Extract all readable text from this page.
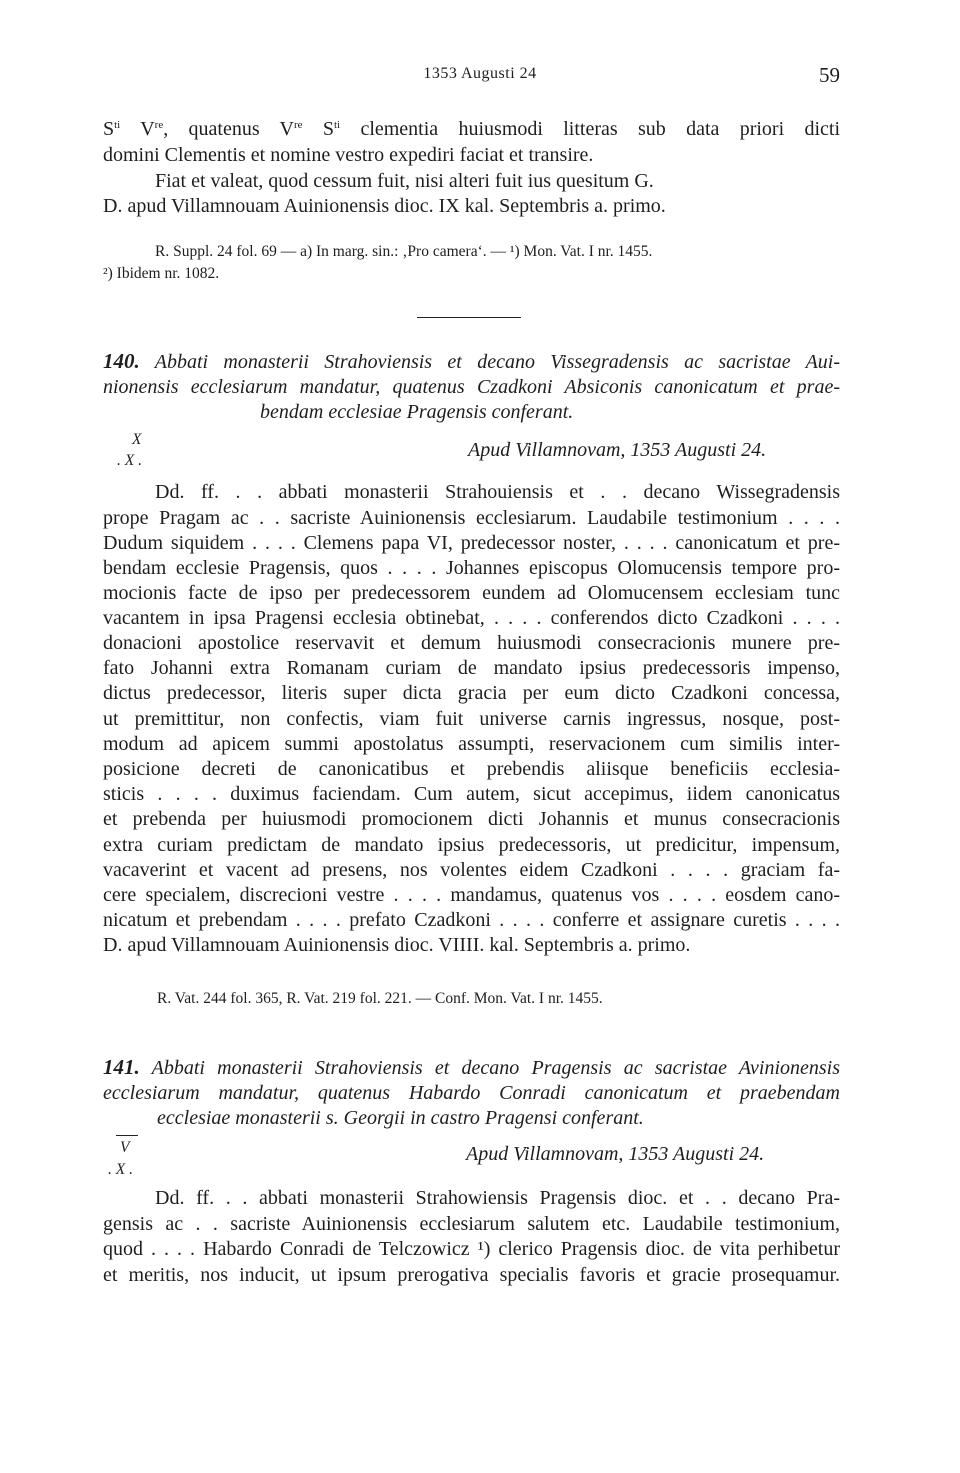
1353 Augusti 24	59
$S^{ti}$ Vre, quatenus Vre $S^{ti}$ clementia huiusmodi litteras sub data priori dicti
domini Clementis et nomine vestro expediri faciat et transire.
Fiat et valeat, quod cessum fuit, nisi alteri fuit ius quesitum G.
D. apud Villamnouam Auinionensis dioc. IX kal. Septembris a. primo.
R. Suppl. 24 fol. 69 — a) In marg. sin.: ‚Pro camera‘. — ¹) Mon. Vat. I nr. 1455.
²) Ibidem nr. 1082.
140. Abbati monasterii Strahoviensis et decano Vissegradensis ac sacristae Aui-
nionensis ecclesiarum mandatur, quatenus Czadkoni Absiconis canonicatum et prae-
bendam ecclesiae Pragensis conferant.
X
. X .	Apud Villamnovam, 1353 Augusti 24.
Dd. ff. . . abbati monasterii Strahouiensis et . . decano Wissegradensis
prope Pragam ac . . sacriste Auinionensis ecclesiarum. Laudabile testimonium . . . .
Dudum siquidem . . . . Clemens papa VI, predecessor noster, . . . . canonicatum et pre-
bendam ecclesie Pragensis, quos . . . . Johannes episcopus Olomucensis tempore pro-
mocionis facte de ipso per predecessorem eundem ad Olomucensem ecclesiam tunc
vacantem in ipsa Pragensi ecclesia obtinebat, . . . . conferendos dicto Czadkoni . . . .
donacioni apostolice reservavit et demum huiusmodi consecracionis munere pre-
fato Johanni extra Romanam curiam de mandato ipsius predecessoris impenso,
dictus predecessor, literis super dicta gracia per eum dicto Czadkoni concessa,
ut premittitur, non confectis, viam fuit universe carnis ingressus, nosque, post-
modum ad apicem summi apostolatus assumpti, reservacionem cum similis inter-
posicione decreti de canonicatibus et prebendis aliisque beneficiis ecclesia-
sticis . . . . duximus faciendam. Cum autem, sicut accepimus, iidem canonicatus
et prebenda per huiusmodi promocionem dicti Johannis et munus consecracionis
extra curiam predictam de mandato ipsius predecessoris, ut predicitur, impensum,
vacaverint et vacent ad presens, nos volentes eidem Czadkoni . . . . graciam fa-
cere specialem, discrecioni vestre . . . . mandamus, quatenus vos . . . . eosdem cano-
nicatum et prebendam . . . . prefato Czadkoni . . . . conferre et assignare curetis . . . .
D. apud Villamnouam Auinionensis dioc. VIIII. kal. Septembris a. primo.
R. Vat. 244 fol. 365, R. Vat. 219 fol. 221. — Conf. Mon. Vat. I nr. 1455.
141. Abbati monasterii Strahoviensis et decano Pragensis ac sacristae Avinionensis
ecclesiarum mandatur, quatenus Habardo Conradi canonicatum et praebendam
ecclesiae monasterii s. Georgii in castro Pragensi conferant.
V
. X .
Apud Villamnovam, 1353 Augusti 24.
Dd. ff. . . abbati monasterii Strahowiensis Pragensis dioc. et . . decano Pra-
gensis ac . . sacriste Auinionensis ecclesiarum salutem etc. Laudabile testimonium,
quod . . . . Habardo Conradi de Telczowicz ¹) clerico Pragensis dioc. de vita perhibetur
et meritis, nos inducit, ut ipsum prerogativa specialis favoris et gracie prosequamur.
